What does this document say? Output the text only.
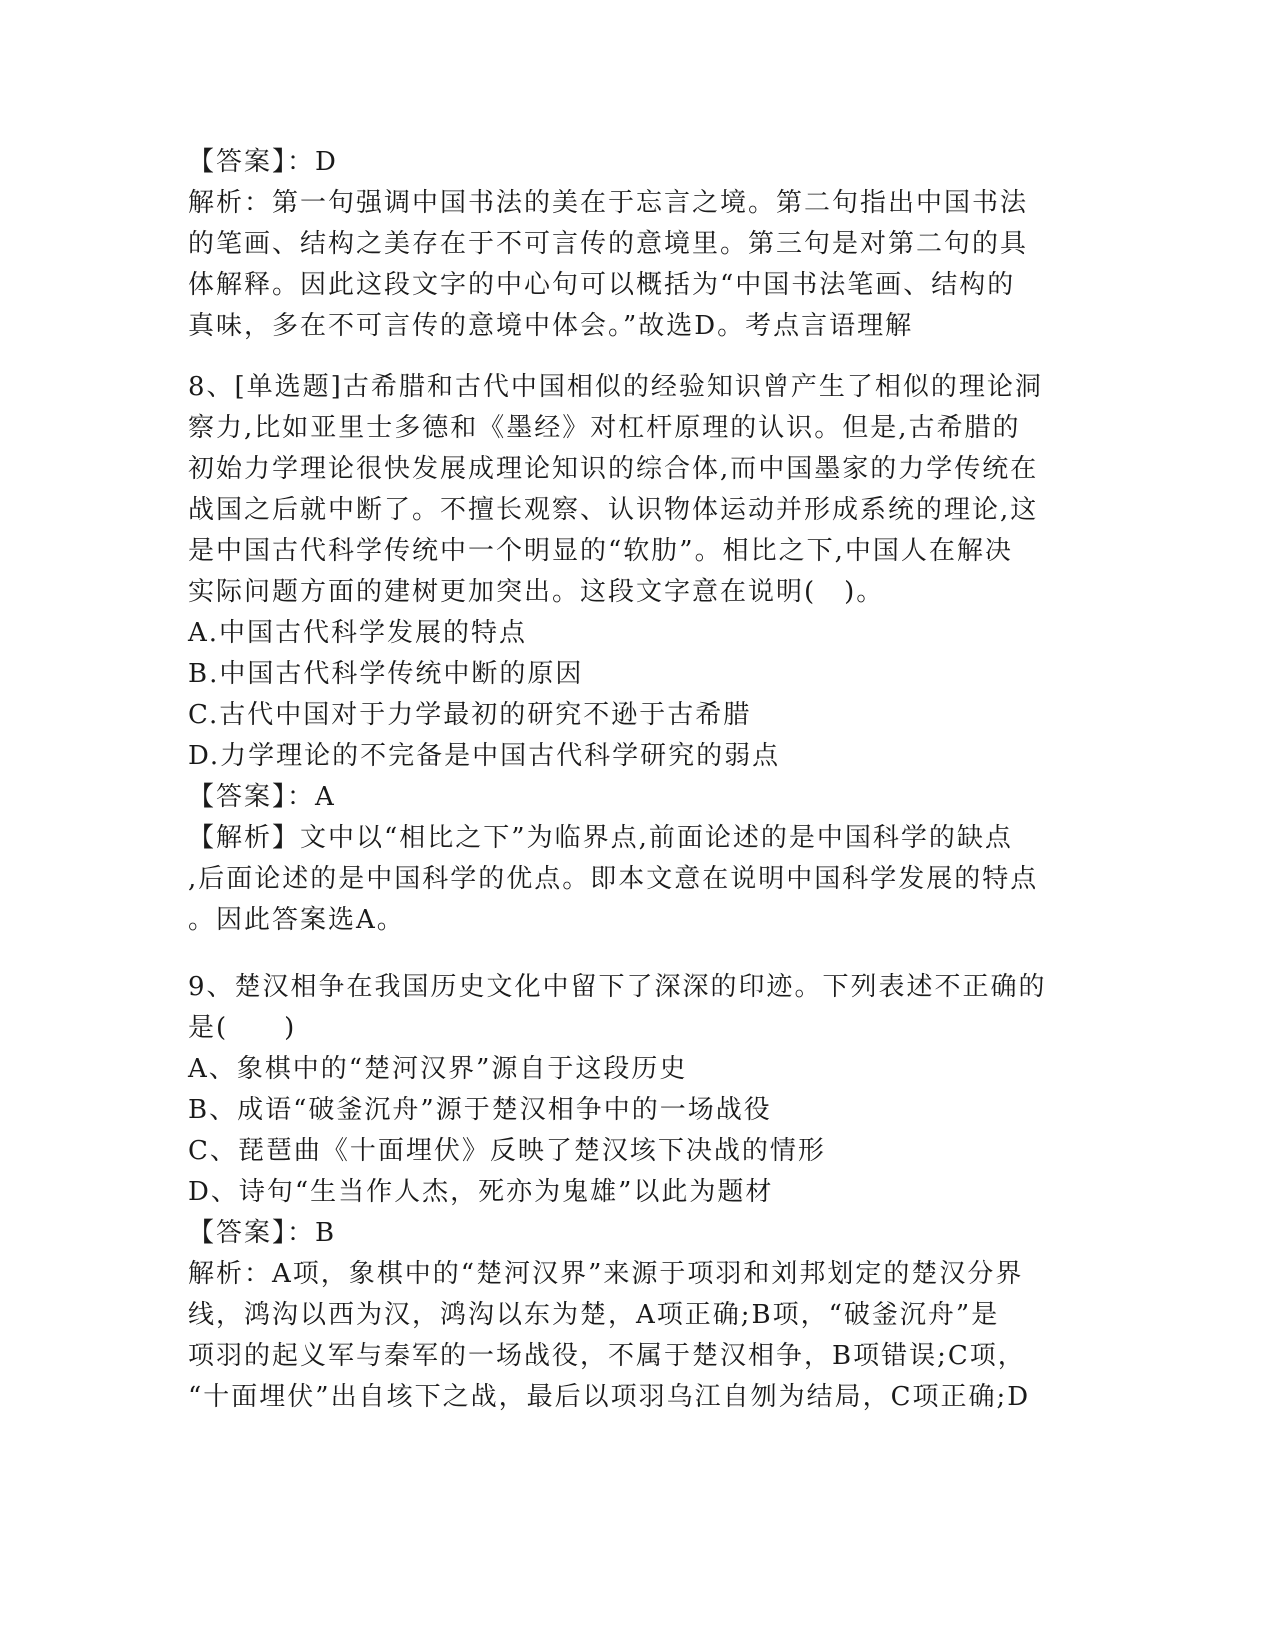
【答案】：D
解析：第一句强调中国书法的美在于忘言之境。第二句指出中国书法
的笔画、结构之美存在于不可言传的意境里。第三句是对第二句的具
体解释。因此这段文字的中心句可以概括为“中国书法笔画、结构的
真味，多在不可言传的意境中体会。”故选D。考点言语理解
8、[单选题]古希腊和古代中国相似的经验知识曾产生了相似的理论洞
察力,比如亚里士多德和《墨经》对杠杆原理的认识。但是,古希腊的
初始力学理论很快发展成理论知识的综合体,而中国墨家的力学传统在
战国之后就中断了。不擅长观察、认识物体运动并形成系统的理论,这
是中国古代科学传统中一个明显的“软肋”。相比之下,中国人在解决
实际问题方面的建树更加突出。这段文字意在说明(　)。
A.中国古代科学发展的特点
B.中国古代科学传统中断的原因
C.古代中国对于力学最初的研究不逊于古希腊
D.力学理论的不完备是中国古代科学研究的弱点
【答案】：A
【解析】文中以“相比之下”为临界点,前面论述的是中国科学的缺点
,后面论述的是中国科学的优点。即本文意在说明中国科学发展的特点
。因此答案选A。
9、楚汉相争在我国历史文化中留下了深深的印迹。下列表述不正确的
是(　　)
A、象棋中的“楚河汉界”源自于这段历史
B、成语“破釜沉舟”源于楚汉相争中的一场战役
C、琵琶曲《十面埋伏》反映了楚汉垓下决战的情形
D、诗句“生当作人杰，死亦为鬼雄”以此为题材
【答案】：B
解析：A项，象棋中的“楚河汉界”来源于项羽和刘邦划定的楚汉分界
线，鸿沟以西为汉，鸿沟以东为楚，A项正确;B项，“破釜沉舟”是
项羽的起义军与秦军的一场战役，不属于楚汉相争，B项错误;C项，
“十面埋伏”出自垓下之战，最后以项羽乌江自刎为结局，C项正确;D
